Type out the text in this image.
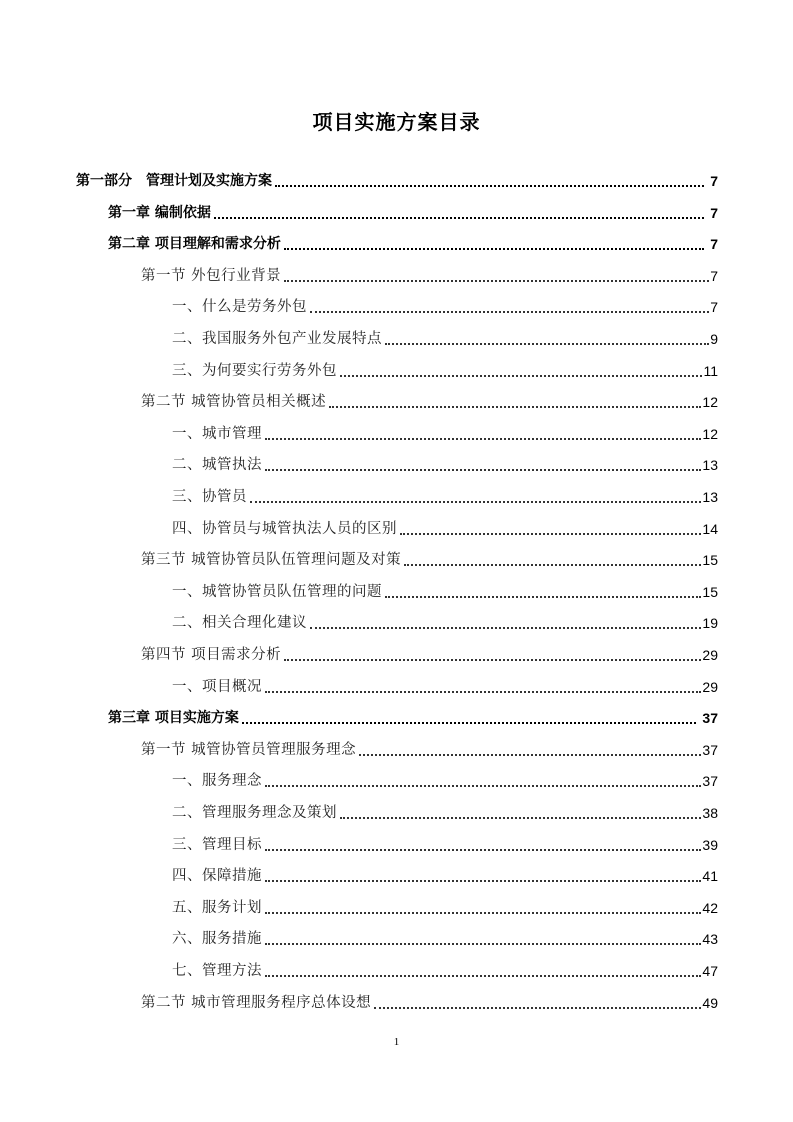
项目实施方案目录
第一部分　管理计划及实施方案	7
第一章 编制依据	7
第二章 项目理解和需求分析	7
第一节 外包行业背景	7
一、什么是劳务外包	7
二、我国服务外包产业发展特点	9
三、为何要实行劳务外包	11
第二节 城管协管员相关概述	12
一、城市管理	12
二、城管执法	13
三、协管员	13
四、协管员与城管执法人员的区别	14
第三节 城管协管员队伍管理问题及对策	15
一、城管协管员队伍管理的问题	15
二、相关合理化建议	19
第四节 项目需求分析	29
一、项目概况	29
第三章 项目实施方案	37
第一节 城管协管员管理服务理念	37
一、服务理念	37
二、管理服务理念及策划	38
三、管理目标	39
四、保障措施	41
五、服务计划	42
六、服务措施	43
七、管理方法	47
第二节 城市管理服务程序总体设想	49
1
